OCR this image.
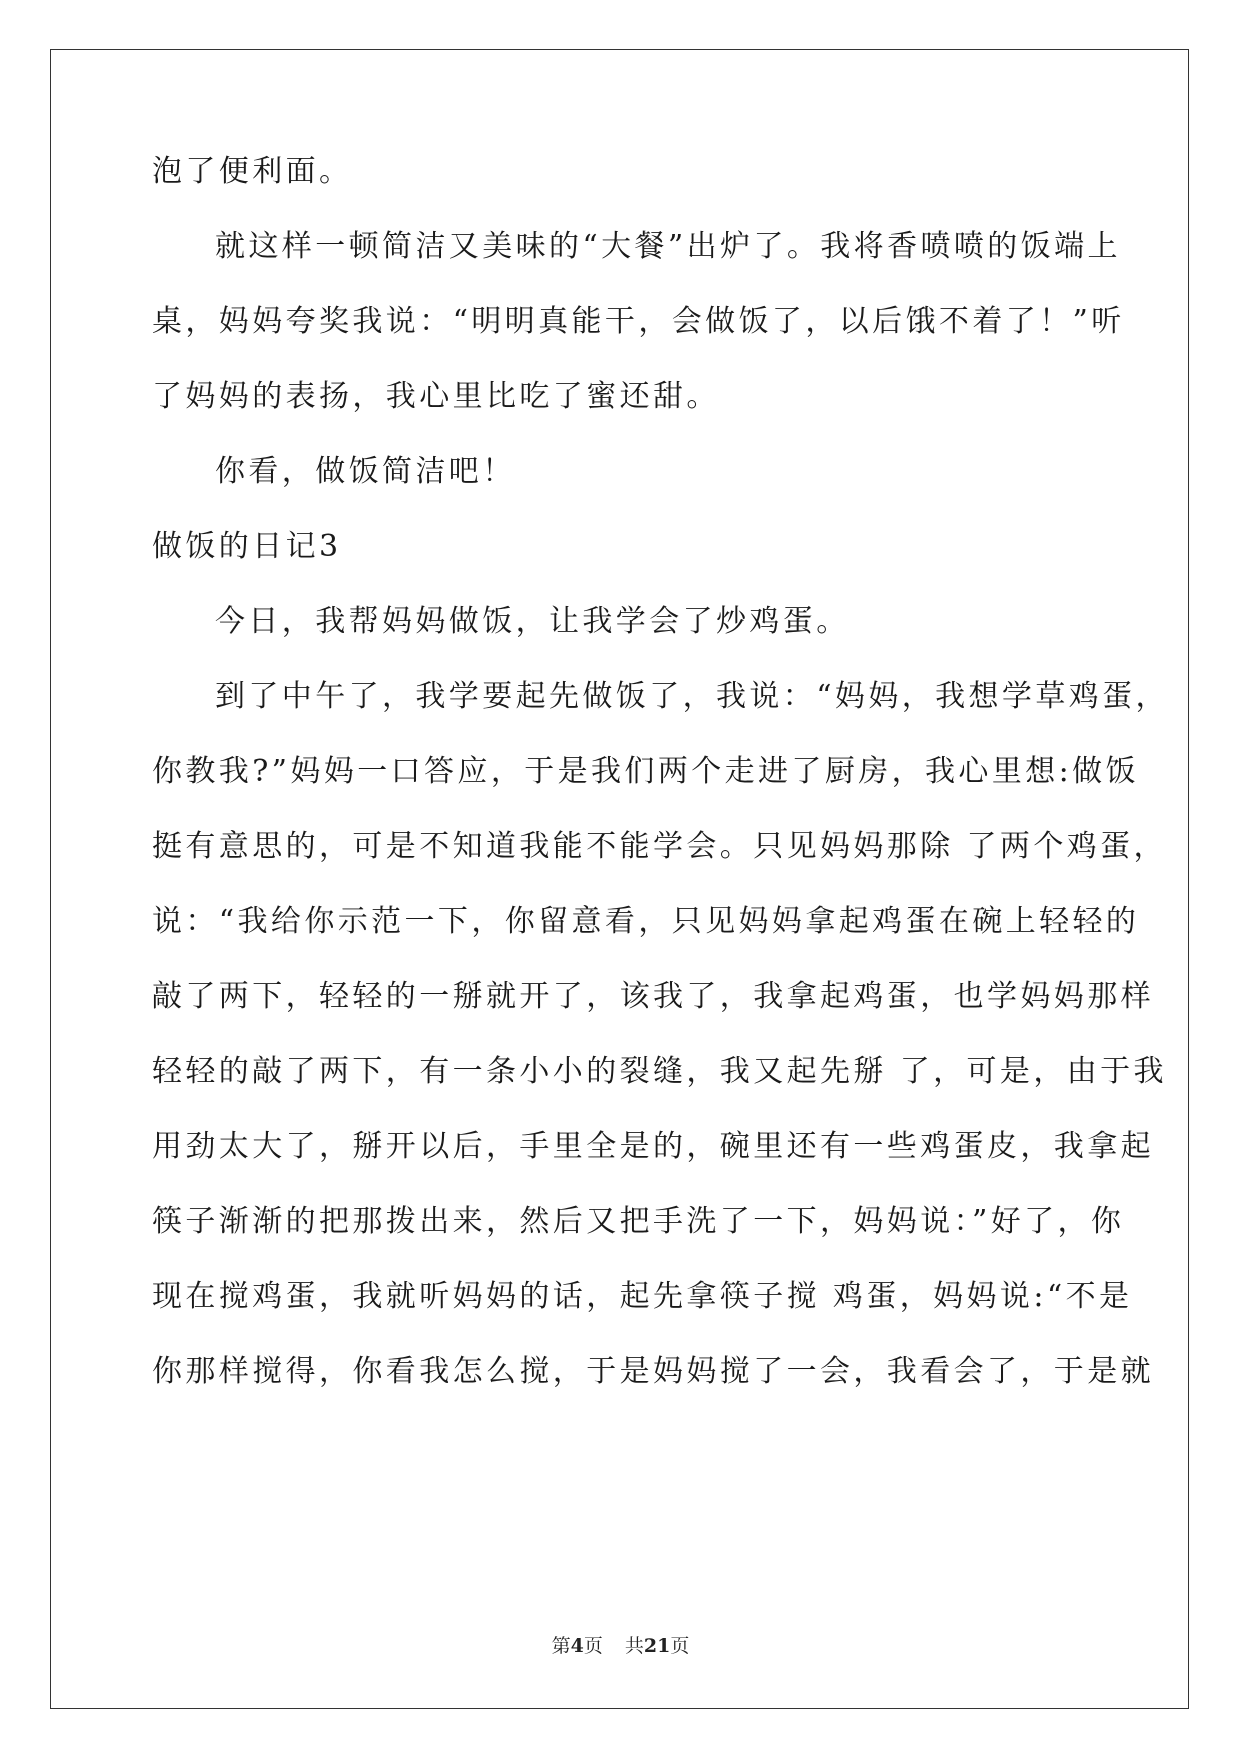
泡了便利面。
就这样一顿简洁又美味的“大餐”出炉了。我将香喷喷的饭端上
桌，妈妈夸奖我说：“明明真能干，会做饭了，以后饿不着了！”听
了妈妈的表扬，我心里比吃了蜜还甜。
你看，做饭简洁吧！
做饭的日记3
今日，我帮妈妈做饭，让我学会了炒鸡蛋。
到了中午了，我学要起先做饭了，我说：“妈妈，我想学草鸡蛋，
你教我?”妈妈一口答应，于是我们两个走进了厨房，我心里想:做饭
挺有意思的，可是不知道我能不能学会。只见妈妈那除 了两个鸡蛋，
说：“我给你示范一下，你留意看，只见妈妈拿起鸡蛋在碗上轻轻的
敲了两下，轻轻的一掰就开了，该我了，我拿起鸡蛋，也学妈妈那样
轻轻的敲了两下，有一条小小的裂缝，我又起先掰 了，可是，由于我
用劲太大了，掰开以后，手里全是的，碗里还有一些鸡蛋皮，我拿起
筷子渐渐的把那拨出来，然后又把手洗了一下，妈妈说：”好了，你
现在搅鸡蛋，我就听妈妈的话，起先拿筷子搅 鸡蛋，妈妈说:“不是
你那样搅得，你看我怎么搅，于是妈妈搅了一会，我看会了，于是就
第4页 共21页
